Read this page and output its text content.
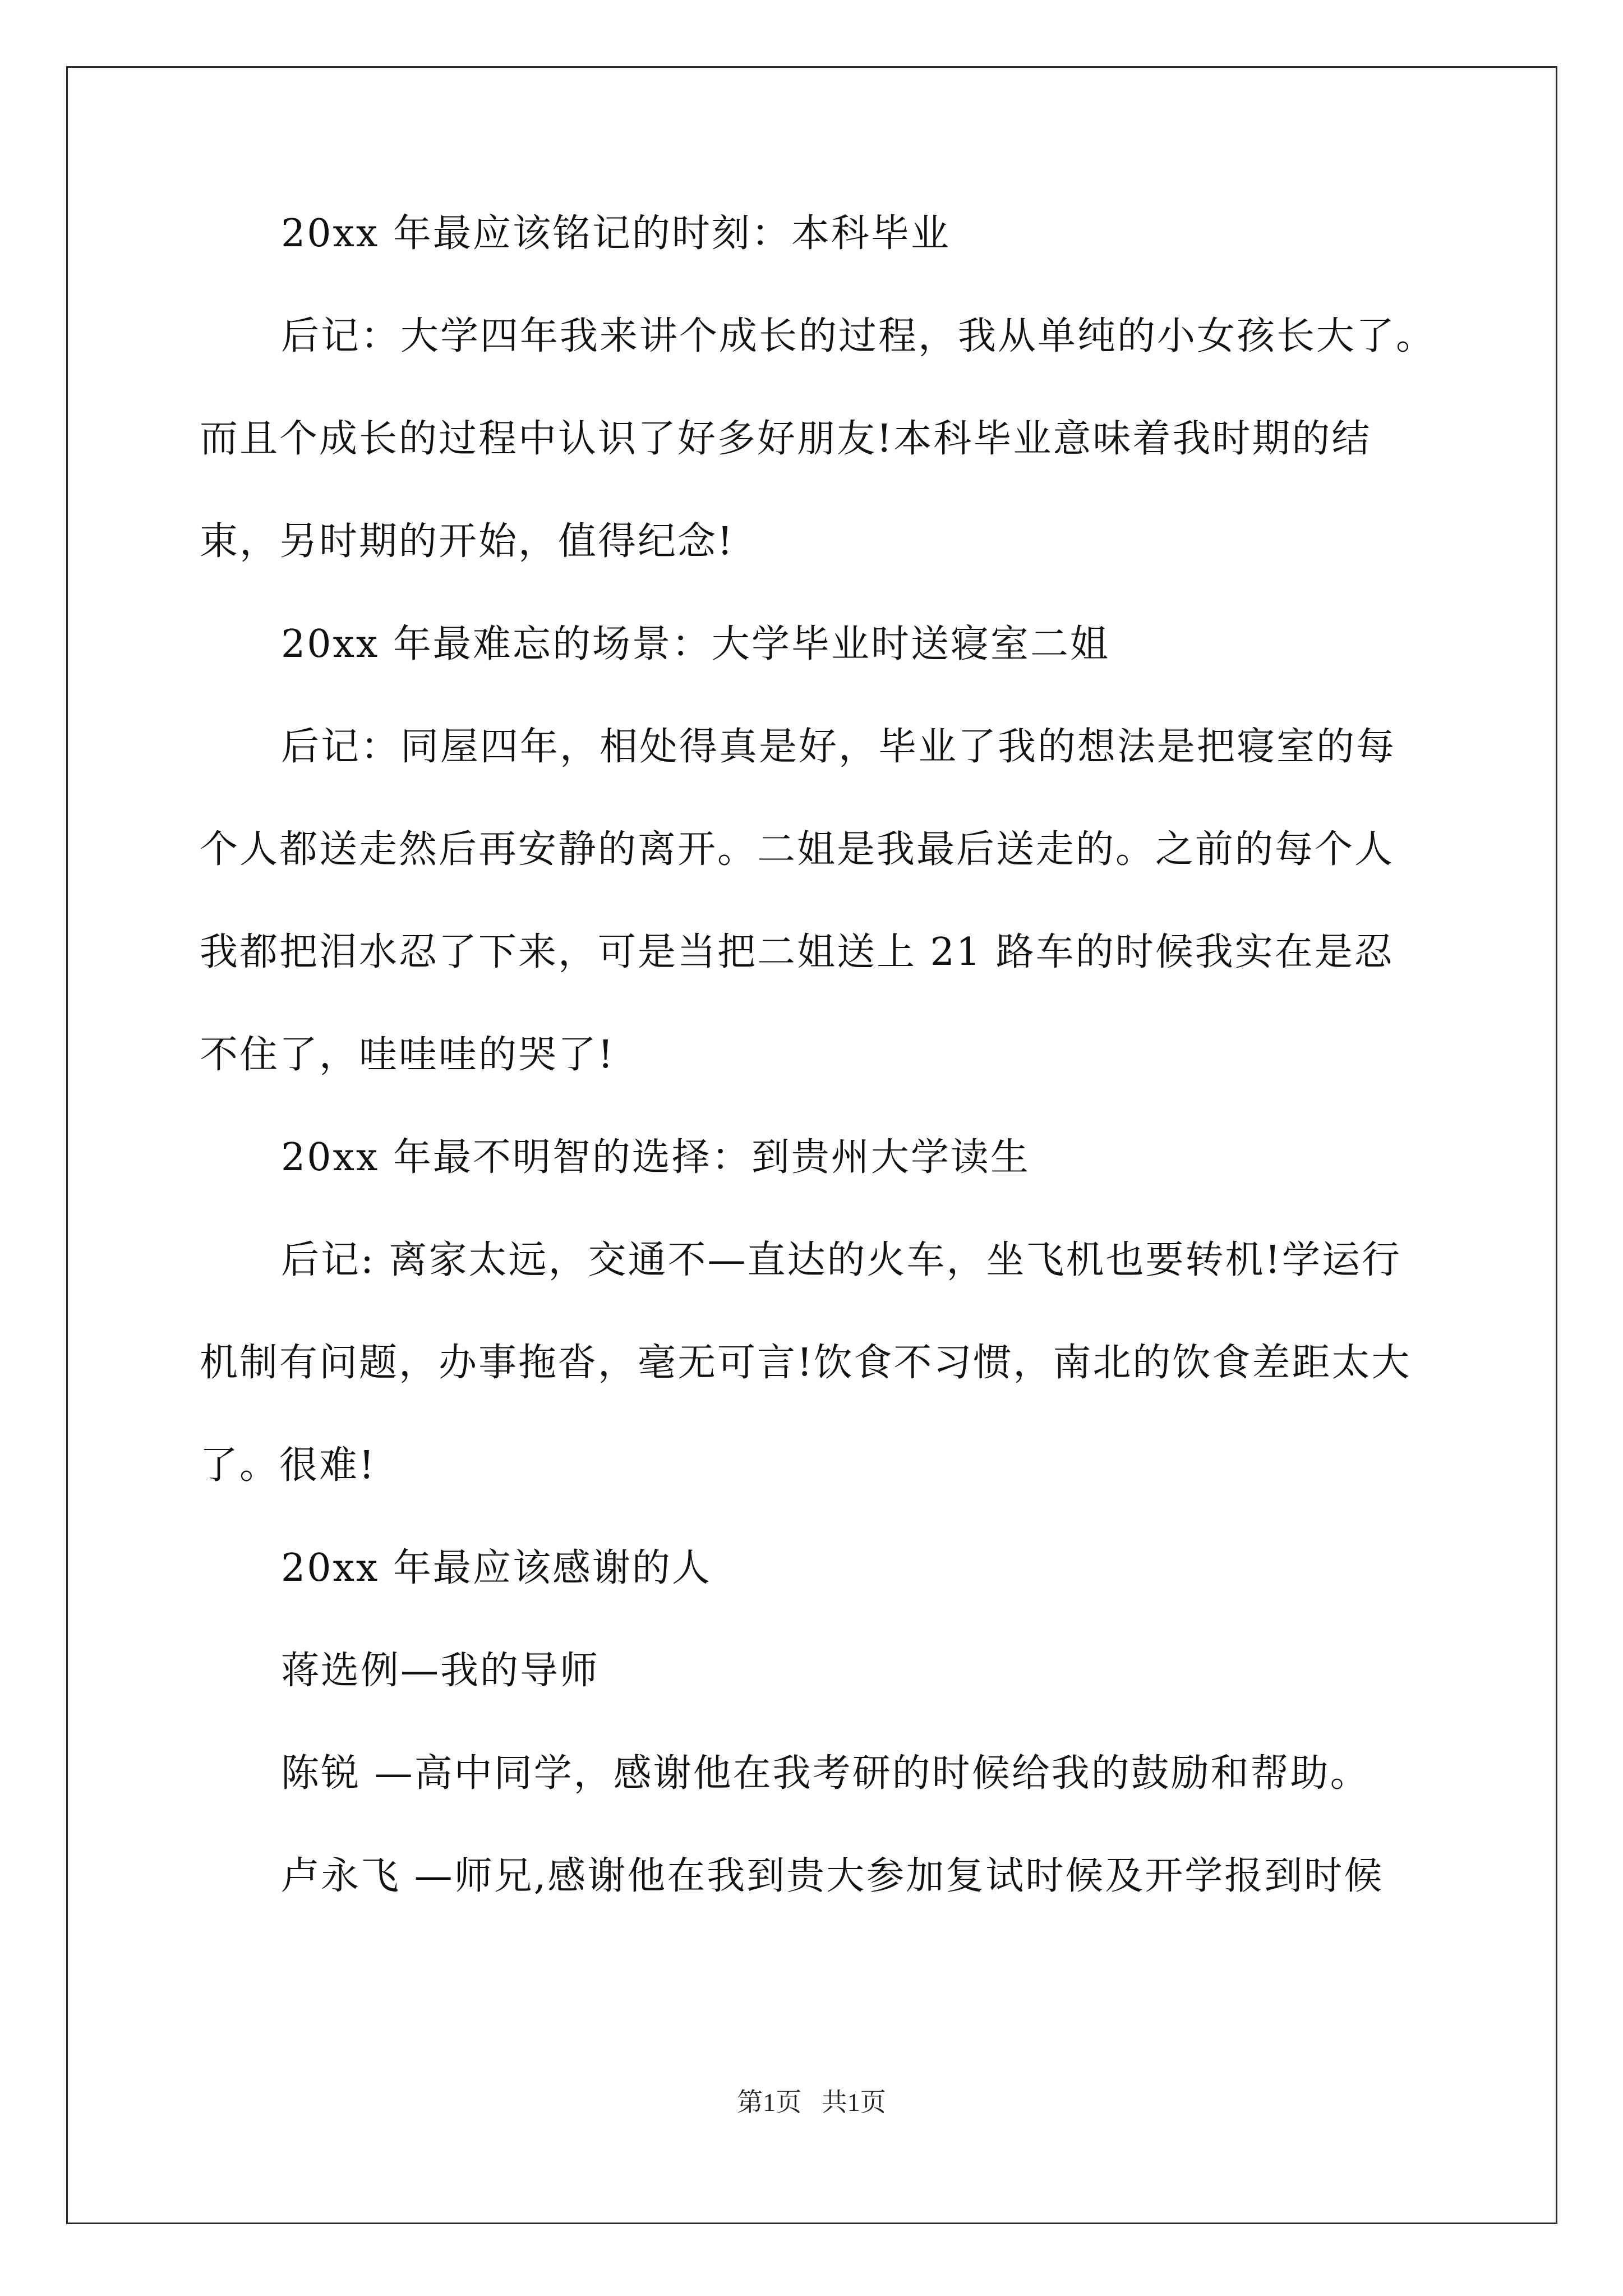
20xx 年最应该铭记的时刻：本科毕业

后记：大学四年我来讲个成长的过程，我从单纯的小女孩长大了。

而且个成长的过程中认识了好多好朋友!本科毕业意味着我时期的结

束，另时期的开始，值得纪念!

20xx 年最难忘的场景：大学毕业时送寝室二姐

后记：同屋四年，相处得真是好，毕业了我的想法是把寝室的每

个人都送走然后再安静的离开。二姐是我最后送走的。之前的每个人

我都把泪水忍了下来，可是当把二姐送上 21 路车的时候我实在是忍

不住了，哇哇哇的哭了!

20xx 年最不明智的选择：到贵州大学读生

后记: 离家太远，交通不—直达的火车，坐飞机也要转机!学运行

机制有问题，办事拖沓，毫无可言!饮食不习惯，南北的饮食差距太大

了。很难!

20xx 年最应该感谢的人

蒋选例—我的导师

陈锐 —高中同学，感谢他在我考研的时候给我的鼓励和帮助。

卢永飞 —师兄,感谢他在我到贵大参加复试时候及开学报到时候

第1页 共1页
